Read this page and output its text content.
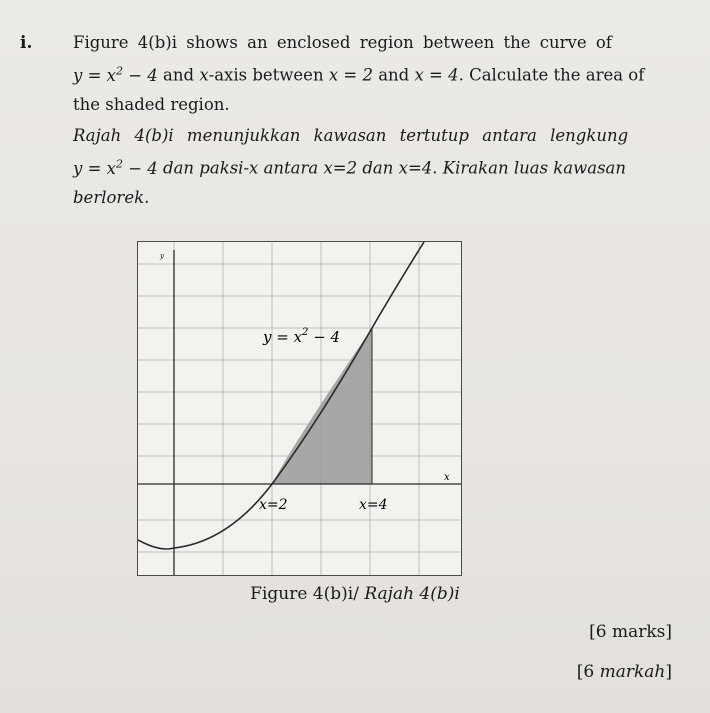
i. Figure 4(b)i shows an enclosed region between the curve of
$y = x^2 - 4$ and x-axis between x = 2 and x = 4. Calculate the area of
the shaded region.
Rajah 4(b)i menunjukkan kawasan tertutup antara lengkung
$y = x^2 - 4$ dan paksi-x antara x=2 dan x=4. Kirakan luas kawasan
berlorek.
$y = x^2 - 4$
x=2	x=4
x
y
Figure 4(b)i/ Rajah 4(b)i
[6 marks]
[6 markah]
